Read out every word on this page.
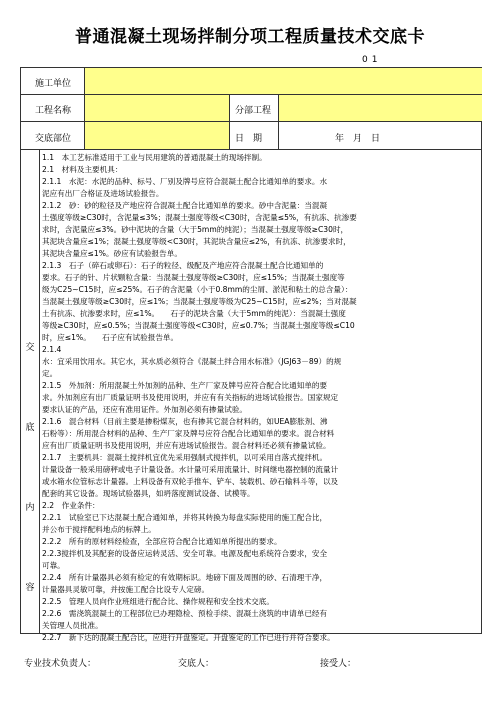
普通混凝土现场拌制分项工程质量技术交底卡
01
施工单位
工程名称	分部工程
交底部位	日　期	年　月　日
交
底
内
容

1.1　本工艺标准适用于工业与民用建筑的普通混凝土的现场拌制。

2.1　材料及主要机具：

2.1.1　水泥：水泥的品种、标号、厂别及牌号应符合混凝土配合比通知单的要求。水

泥应有出厂合格证及进场试验报告。

2.1.2　砂：砂的粒径及产地应符合混凝土配合比通知单的要求。砂中含泥量：当混凝

土强度等级≥C30时，含泥量≤3%；混凝土强度等级<C30时，含泥量≤5%，有抗冻、抗渗要

求时，含泥量应≤3%。砂中泥块的含量（大于5mm的纯泥）；当混凝土强度等级≥C30时，

其泥块含量应≤1%；混凝土强度等级<C30时，其泥块含量应≤2%，有抗冻、抗渗要求时，

其泥块含量应≤1%。砂应有试验报告单。

2.1.3　石子（碎石或卵石）：石子的粒径、级配及产地应符合混凝土配合比通知单的

要求。石子的针、片状颗粒含量：当混凝土强度等级≥C30时，应≤15%；当混凝土强度等

级为C25~C15时，应≤25%。石子的含泥量（小于0.8mm的尘屑、淤泥和粘土的总含量）：

当混凝土强度等级≥C30时，应≤1%；当混凝土强度等级为C25~C15时，应≤2%；当对混凝

土有抗冻、抗渗要求时，应≤1%。　　石子的泥块含量（大于5mm的纯泥）：当混凝土强度

等级≥C30时，应≤0.5%；当混凝土强度等级<C30时，应≤0.7%；当混凝土强度等级≤C10

时，应≤1%。　　石子应有试验报告单。

2.1.4

水：宜采用饮用水。其它水，其水质必须符合《混凝土拌合用水标准》（JGJ63－89）的规

定。

2.1.5　外加剂：所用混凝土外加剂的品种、生产厂家及牌号应符合配合比通知单的要

求。外加剂应有出厂质量证明书及使用说明，并应有有关指标的进场试验报告。国家规定

要求认证的产品，还应有准用证件。外加剂必须有掺量试验。

2.1.6　混合材料（目前主要是掺粉煤灰，也有掺其它混合材料的，如UEA膨胀剂、沸

石粉等）：所用混合材料的品种、生产厂家及牌号应符合配合比通知单的要求。混合材料

应有出厂质量证明书及使用说明，并应有进场试验报告。混合材料还必须有掺量试验。

2.1.7　主要机具：混凝土搅拌机宜优先采用强制式搅拌机，以可采用自落式搅拌机。

计量设备一般采用磅秤或电子计量设备。水计量可采用流量计、时间继电器控制的流量计

或水箱水位管标志计量器。上料设备有双轮手推车、铲车、装载机、砂石输料斗等，以及

配套的其它设备。现场试验器具，如坍落度测试设备、试模等。

2.2　作业条件：

2.2.1　试验室已下达混凝土配合通知单，并将其转换为每盘实际使用的施工配合比，

并公布于搅拌配料地点的标牌上。

2.2.2　所有的原材料经检查，全部应符合配合比通知单所提出的要求。

2.2.3搅拌机及其配套的设备应运转灵活、安全可靠。电源及配电系统符合要求，安全

可靠。

2.2.4　所有计量器具必须有检定的有效期标识。地磅下面及周围的砂、石清理干净，

计量器具灵敏可靠，并按施工配合比设专人定磅。

2.2.5　管理人员向作业班组进行配合比、操作规程和安全技术交底。

2.2.6　需浇筑混凝土的工程部位已办理隐检、预检手续、混凝土浇筑的申请单已经有

关管理人员批准。

2.2.7　新下达的混凝土配合比，应进行开盘鉴定。开盘鉴定的工作已进行并符合要求。

专业技术负责人：	交底人：	接受人：
